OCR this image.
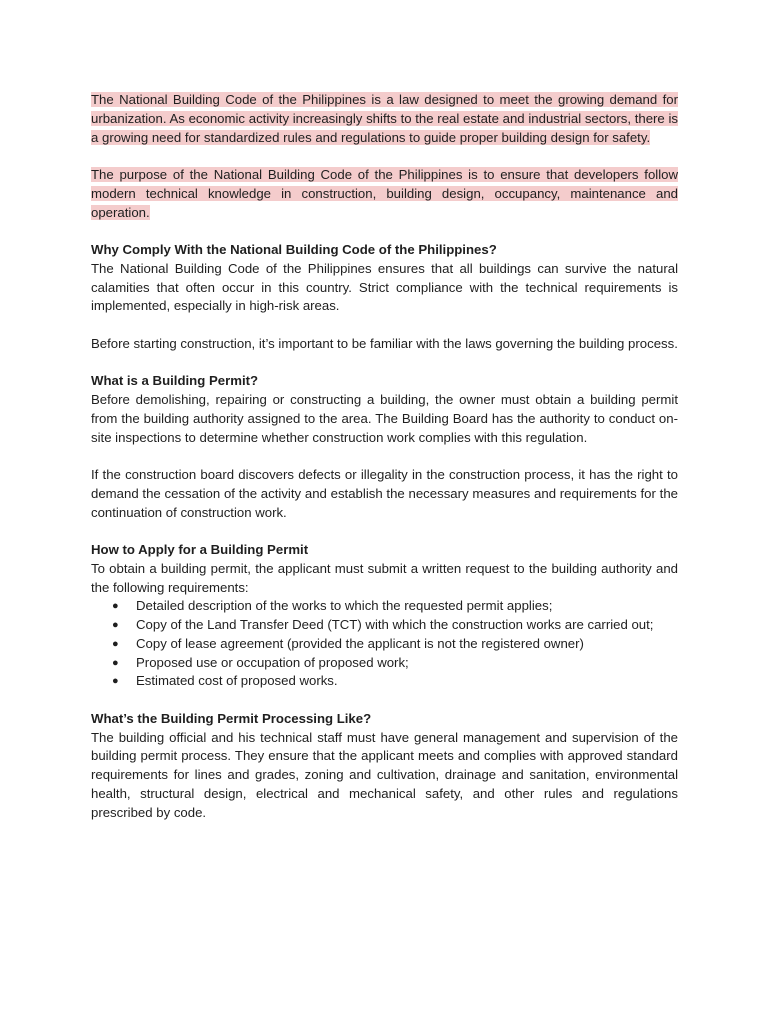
The National Building Code of the Philippines is a law designed to meet the growing demand for urbanization. As economic activity increasingly shifts to the real estate and industrial sectors, there is a growing need for standardized rules and regulations to guide proper building design for safety.

The purpose of the National Building Code of the Philippines is to ensure that developers follow modern technical knowledge in construction, building design, occupancy, maintenance and operation.

Why Comply With the National Building Code of the Philippines?

The National Building Code of the Philippines ensures that all buildings can survive the natural calamities that often occur in this country. Strict compliance with the technical requirements is implemented, especially in high-risk areas.

Before starting construction, it’s important to be familiar with the laws governing the building process.

What is a Building Permit?

Before demolishing, repairing or constructing a building, the owner must obtain a building permit from the building authority assigned to the area. The Building Board has the authority to conduct on-site inspections to determine whether construction work complies with this regulation.

If the construction board discovers defects or illegality in the construction process, it has the right to demand the cessation of the activity and establish the necessary measures and requirements for the continuation of construction work.

How to Apply for a Building Permit

To obtain a building permit, the applicant must submit a written request to the building authority and the following requirements:

● Detailed description of the works to which the requested permit applies;
● Copy of the Land Transfer Deed (TCT) with which the construction works are carried out;
● Copy of lease agreement (provided the applicant is not the registered owner)
● Proposed use or occupation of proposed work;
● Estimated cost of proposed works.

What’s the Building Permit Processing Like?

The building official and his technical staff must have general management and supervision of the building permit process. They ensure that the applicant meets and complies with approved standard requirements for lines and grades, zoning and cultivation, drainage and sanitation, environmental health, structural design, electrical and mechanical safety, and other rules and regulations prescribed by code.
